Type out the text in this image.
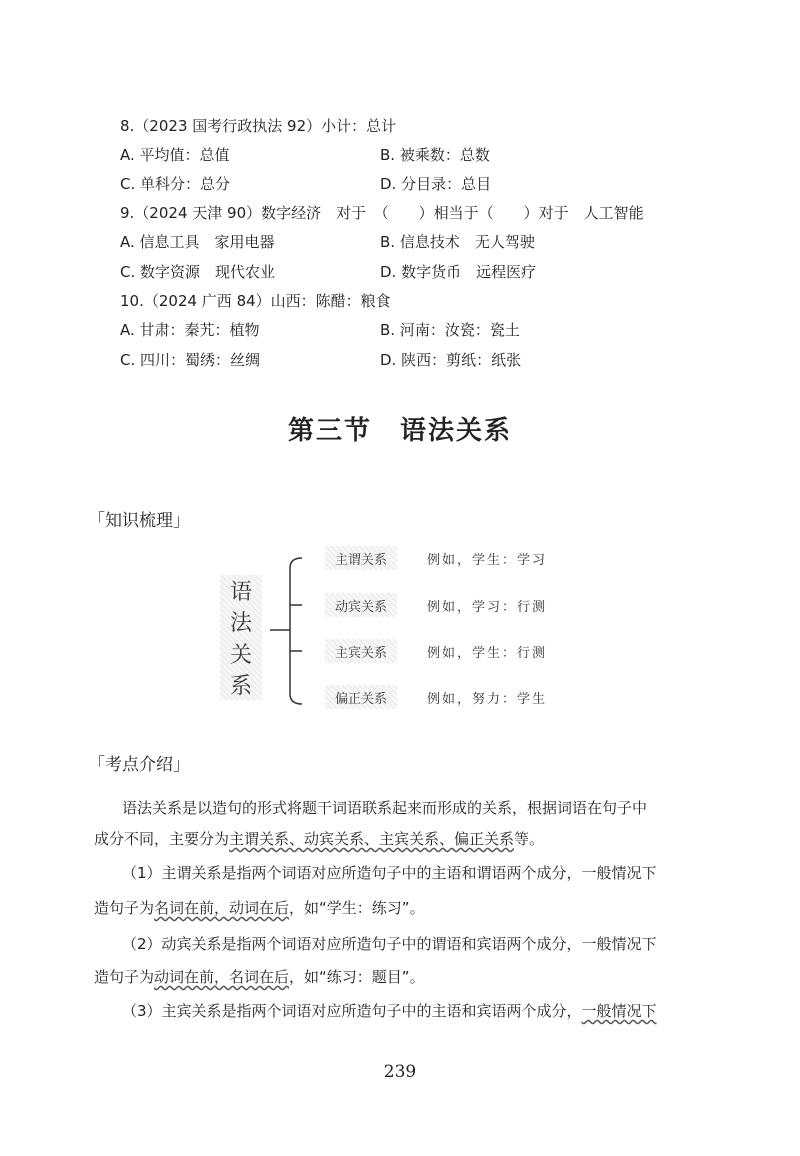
8.（2023 国考行政执法 92）小计：总计
A. 平均值：总值	B. 被乘数：总数
C. 单科分：总分	D. 分目录：总目
9.（2024 天津 90）数字经济　对于　（　　）相当于（　　）对于　人工智能
A. 信息工具　家用电器	B. 信息技术　无人驾驶
C. 数字资源　现代农业	D. 数字货币　远程医疗
10.（2024 广西 84）山西：陈醋：粮食
A. 甘肃：秦艽：植物	B. 河南：汝瓷：瓷土
C. 四川：蜀绣：丝绸	D. 陕西：剪纸：纸张
第三节　语法关系
「知识梳理」
语
法
关
系
主谓关系	例如，学生：学习
动宾关系	例如，学习：行测
主宾关系	例如，学生：行测
偏正关系	例如，努力：学生
「考点介绍」
语法关系是以造句的形式将题干词语联系起来而形成的关系，根据词语在句子中
成分不同，主要分为主谓关系、动宾关系、主宾关系、偏正关系等。
（1）主谓关系是指两个词语对应所造句子中的主语和谓语两个成分，一般情况下
造句子为名词在前，动词在后，如“学生：练习”。
（2）动宾关系是指两个词语对应所造句子中的谓语和宾语两个成分，一般情况下
造句子为动词在前，名词在后，如“练习：题目”。
（3）主宾关系是指两个词语对应所造句子中的主语和宾语两个成分，一般情况下
239
